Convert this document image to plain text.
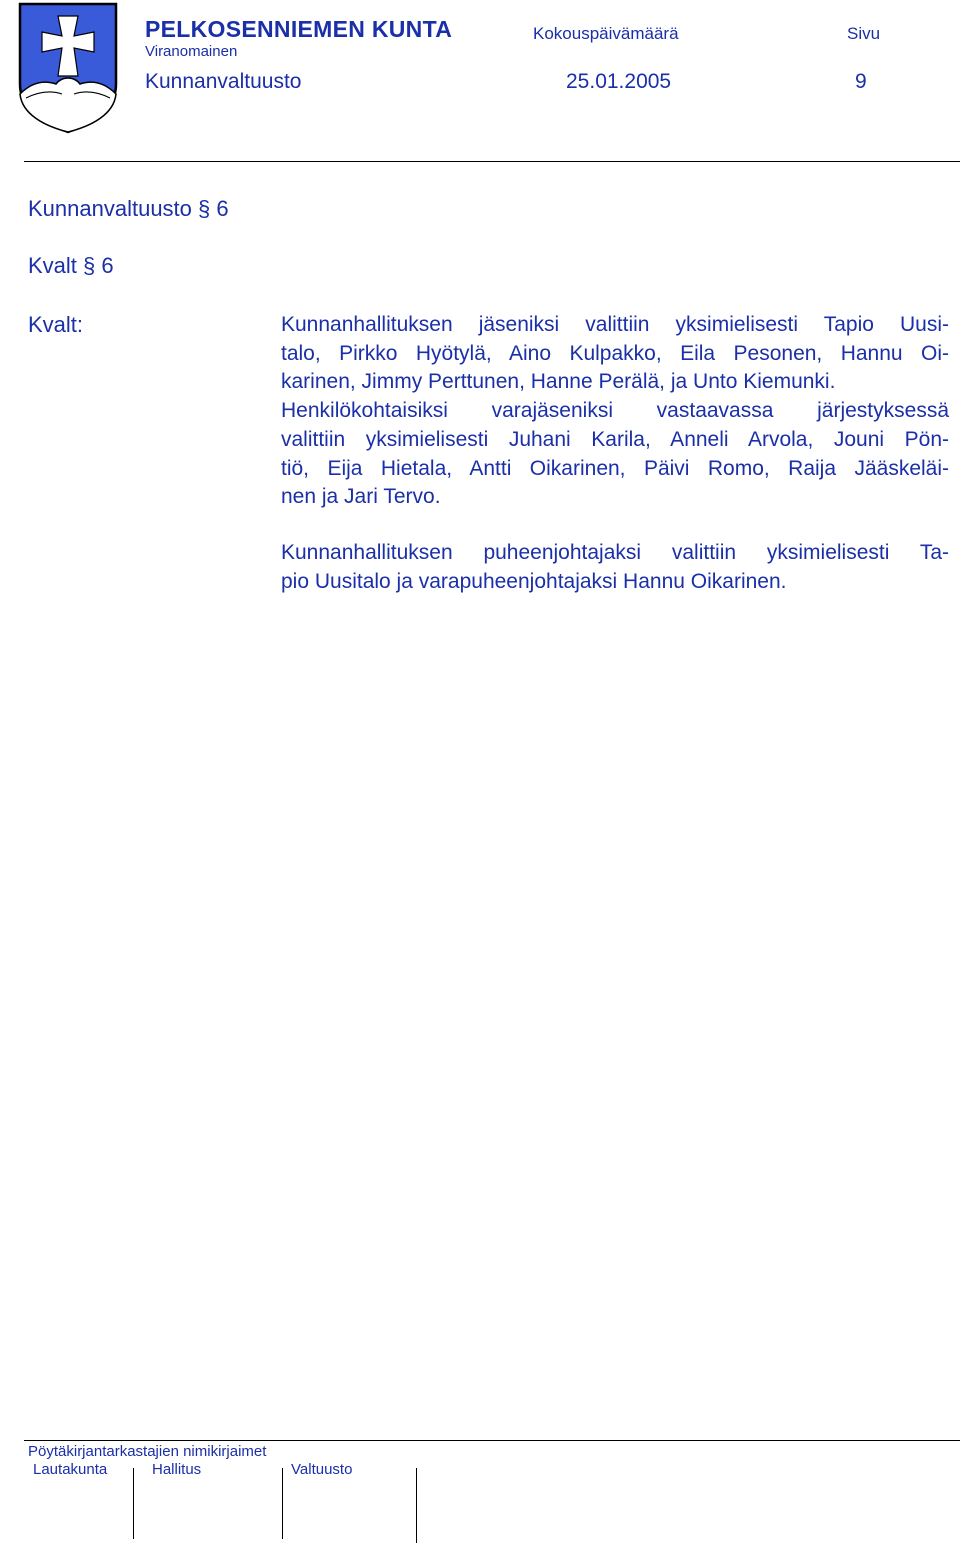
PELKOSENNIEMEN KUNTA
Viranomainen
Kokouspäivämäärä	Sivu
Kunnanvaltuusto	25.01.2005	9
Kunnanvaltuusto § 6
Kvalt § 6
Kvalt:	Kunnanhallituksen jäseniksi valittiin yksimielisesti Tapio Uusi-
talo, Pirkko Hyötylä, Aino Kulpakko, Eila Pesonen, Hannu Oi-
karinen, Jimmy Perttunen, Hanne Perälä, ja Unto Kiemunki.
Henkilökohtaisiksi varajäseniksi vastaavassa järjestyksessä
valittiin yksimielisesti Juhani Karila, Anneli Arvola, Jouni Pön-
tiö, Eija Hietala, Antti Oikarinen, Päivi Romo, Raija Jääskeläi-
nen ja Jari Tervo.
Kunnanhallituksen puheenjohtajaksi valittiin yksimielisesti Ta-
pio Uusitalo ja varapuheenjohtajaksi Hannu Oikarinen.
Pöytäkirjantarkastajien nimikirjaimet
Lautakunta	Hallitus	Valtuusto
